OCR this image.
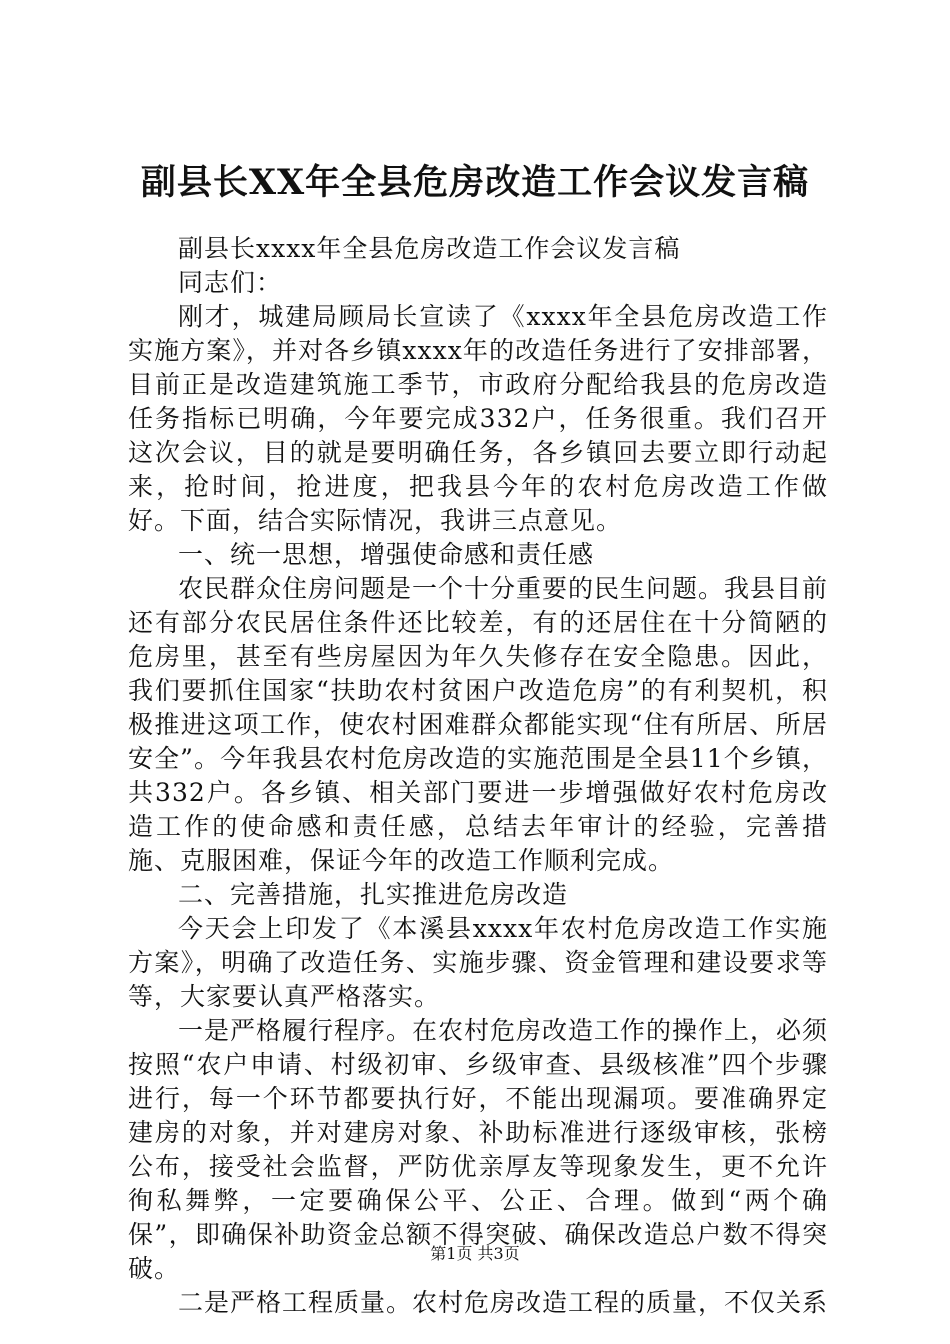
副县长XX年全县危房改造工作会议发言稿

副县长xxxx年全县危房改造工作会议发言稿

同志们：

刚才，城建局顾局长宣读了《xxxx年全县危房改造工作实施方案》，并对各乡镇xxxx年的改造任务进行了安排部署，目前正是改造建筑施工季节，市政府分配给我县的危房改造任务指标已明确，今年要完成332户，任务很重。我们召开这次会议，目的就是要明确任务，各乡镇回去要立即行动起来，抢时间，抢进度，把我县今年的农村危房改造工作做好。下面，结合实际情况，我讲三点意见。

一、统一思想，增强使命感和责任感

农民群众住房问题是一个十分重要的民生问题。我县目前还有部分农民居住条件还比较差，有的还居住在十分简陋的危房里，甚至有些房屋因为年久失修存在安全隐患。因此，我们要抓住国家“扶助农村贫困户改造危房”的有利契机，积极推进这项工作，使农村困难群众都能实现“住有所居、所居安全”。今年我县农村危房改造的实施范围是全县11个乡镇，共332户。各乡镇、相关部门要进一步增强做好农村危房改造工作的使命感和责任感，总结去年审计的经验，完善措施、克服困难，保证今年的改造工作顺利完成。

二、完善措施，扎实推进危房改造

今天会上印发了《本溪县xxxx年农村危房改造工作实施方案》，明确了改造任务、实施步骤、资金管理和建设要求等等，大家要认真严格落实。

一是严格履行程序。在农村危房改造工作的操作上，必须按照“农户申请、村级初审、乡级审查、县级核准”四个步骤进行，每一个环节都要执行好，不能出现漏项。要准确界定建房的对象，并对建房对象、补助标准进行逐级审核，张榜公布，接受社会监督，严防优亲厚友等现象发生，更不允许徇私舞弊，一定要确保公平、公正、合理。做到“两个确保”，即确保补助资金总额不得突破、确保改造总户数不得突破。

二是严格工程质量。农村危房改造工程的质量，不仅关系

第1页 共3页
